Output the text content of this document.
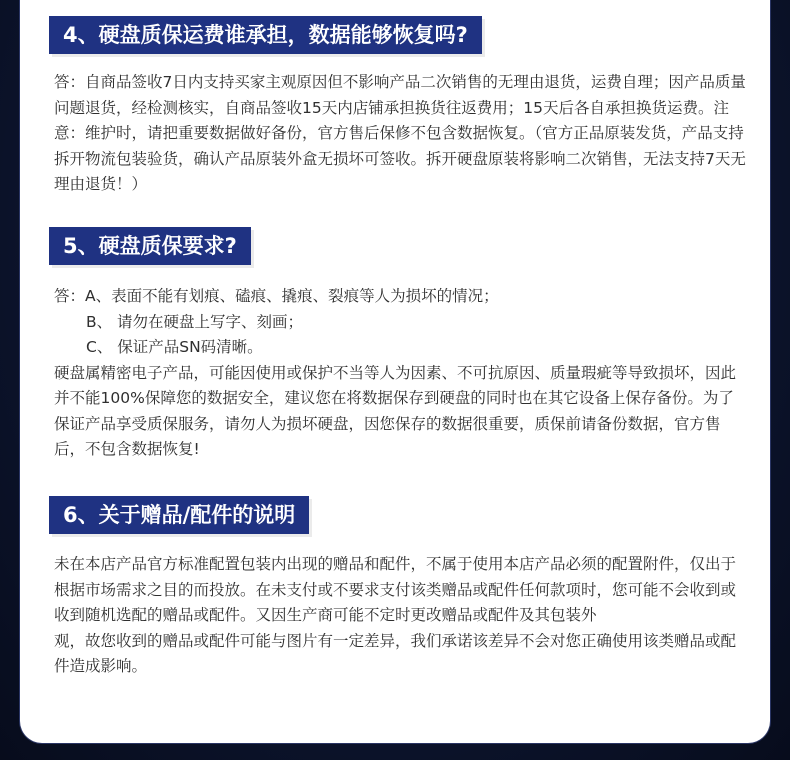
4、硬盘质保运费谁承担，数据能够恢复吗?

答：自商品签收7日内支持买家主观原因但不影响产品二次销售的无理由退货，运费自理；因产品质量问题退货，经检测核实，自商品签收15天内店铺承担换货往返费用；15天后各自承担换货运费。注意：维护时，请把重要数据做好备份，官方售后保修不包含数据恢复。（官方正品原装发货，产品支持拆开物流包装验货，确认产品原装外盒无损坏可签收。拆开硬盘原装将影响二次销售，无法支持7天无理由退货！）

5、硬盘质保要求?

答：A、表面不能有划痕、磕痕、撬痕、裂痕等人为损坏的情况；

B、 请勿在硬盘上写字、刻画；

C、 保证产品SN码清晰。

硬盘属精密电子产品，可能因使用或保护不当等人为因素、不可抗原因、质量瑕疵等导致损坏，因此并不能100%保障您的数据安全，建议您在将数据保存到硬盘的同时也在其它设备上保存备份。为了保证产品享受质保服务，请勿人为损坏硬盘，因您保存的数据很重要，质保前请备份数据，官方售后，不包含数据恢复!

6、关于赠品/配件的说明

未在本店产品官方标准配置包装内出现的赠品和配件，不属于使用本店产品必须的配置附件，仅出于根据市场需求之目的而投放。在未支付或不要求支付该类赠品或配件任何款项时，您可能不会收到或收到随机选配的赠品或配件。又因生产商可能不定时更改赠品或配件及其包装外

观，故您收到的赠品或配件可能与图片有一定差异，我们承诺该差异不会对您正确使用该类赠品或配件造成影响。
